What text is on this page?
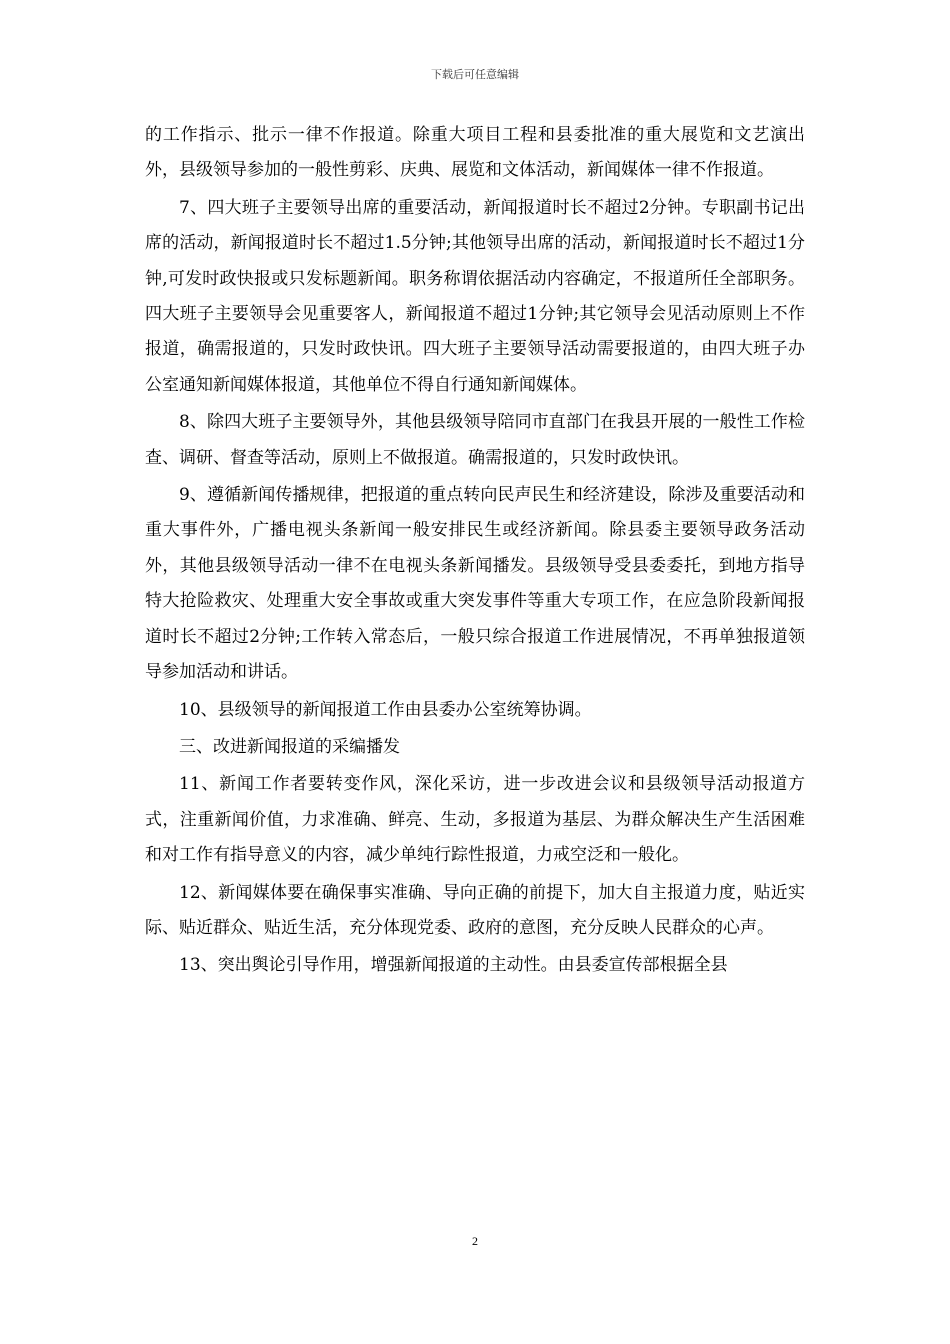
下载后可任意编辑

的工作指示、批示一律不作报道。除重大项目工程和县委批准的重大展览和文艺演出外，县级领导参加的一般性剪彩、庆典、展览和文体活动，新闻媒体一律不作报道。

7、四大班子主要领导出席的重要活动，新闻报道时长不超过2分钟。专职副书记出席的活动，新闻报道时长不超过1.5分钟;其他领导出席的活动，新闻报道时长不超过1分钟,可发时政快报或只发标题新闻。职务称谓依据活动内容确定，不报道所任全部职务。四大班子主要领导会见重要客人，新闻报道不超过1分钟;其它领导会见活动原则上不作报道，确需报道的，只发时政快讯。四大班子主要领导活动需要报道的，由四大班子办公室通知新闻媒体报道，其他单位不得自行通知新闻媒体。

8、除四大班子主要领导外，其他县级领导陪同市直部门在我县开展的一般性工作检查、调研、督查等活动，原则上不做报道。确需报道的，只发时政快讯。

9、遵循新闻传播规律，把报道的重点转向民声民生和经济建设，除涉及重要活动和重大事件外，广播电视头条新闻一般安排民生或经济新闻。除县委主要领导政务活动外，其他县级领导活动一律不在电视头条新闻播发。县级领导受县委委托，到地方指导特大抢险救灾、处理重大安全事故或重大突发事件等重大专项工作，在应急阶段新闻报道时长不超过2分钟;工作转入常态后，一般只综合报道工作进展情况，不再单独报道领导参加活动和讲话。

10、县级领导的新闻报道工作由县委办公室统筹协调。

三、改进新闻报道的采编播发

11、新闻工作者要转变作风，深化采访，进一步改进会议和县级领导活动报道方式，注重新闻价值，力求准确、鲜亮、生动，多报道为基层、为群众解决生产生活困难和对工作有指导意义的内容，减少单纯行踪性报道，力戒空泛和一般化。

12、新闻媒体要在确保事实准确、导向正确的前提下，加大自主报道力度，贴近实际、贴近群众、贴近生活，充分体现党委、政府的意图，充分反映人民群众的心声。

13、突出舆论引导作用，增强新闻报道的主动性。由县委宣传部根据全县

2
